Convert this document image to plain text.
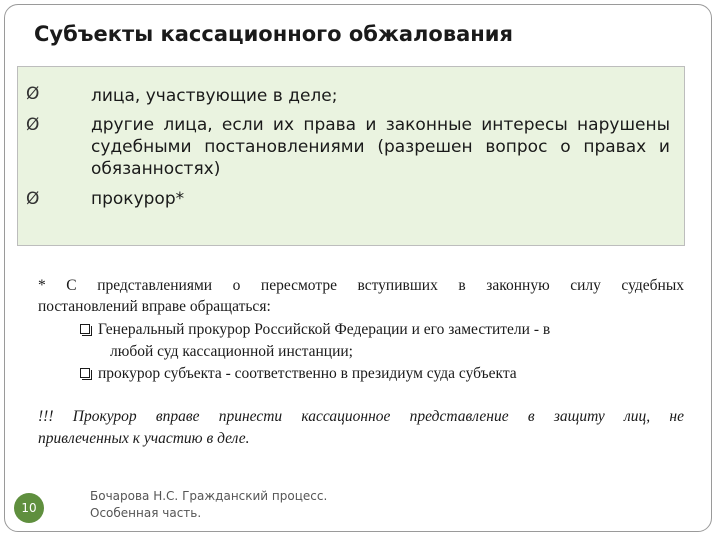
Субъекты кассационного обжалования
Ø
Ø
Ø
лица, участвующие в деле;
другие лица, если их права и законные интересы нарушены
судебными постановлениями (разрешен вопрос о правах и
обязанностях)
прокурор*
* С представлениями о пересмотре вступивших в законную силу судебных
постановлений вправе обращаться:
Генеральный прокурор Российской Федерации и его заместители - в
любой суд кассационной инстанции;
прокурор субъекта - соответственно в президиум суда субъекта
!!! Прокурор вправе принести кассационное представление в защиту лиц, не
привлеченных к участию в деле.
10
Бочарова Н.С. Гражданский процесс.
Особенная часть.
